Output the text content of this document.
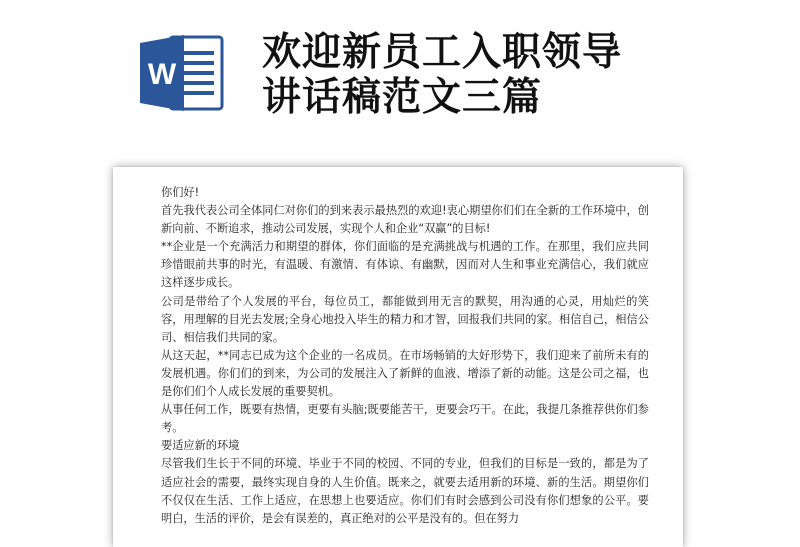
W 欢迎新员工入职领导
讲话稿范文三篇

你们好!

首先我代表公司全体同仁对你们的到来表示最热烈的欢迎!衷心期望你们们在全新的工作环境中，创新向前、不断追求，推动公司发展，实现个人和企业“双赢”的目标!

**企业是一个充满活力和期望的群体，你们面临的是充满挑战与机遇的工作。在那里，我们应共同珍惜眼前共事的时光，有温暖、有激情、有体谅、有幽默，因而对人生和事业充满信心，我们就应这样逐步成长。

公司是带给了个人发展的平台，每位员工，都能做到用无言的默契，用沟通的心灵，用灿烂的笑容，用理解的目光去发展;全身心地投入毕生的精力和才智，回报我们共同的家。相信自己，相信公司、相信我们共同的家。

从这天起，**同志已成为这个企业的一名成员。在市场畅销的大好形势下，我们迎来了前所未有的发展机遇。你们们的到来，为公司的发展注入了新鲜的血液、增添了新的动能。这是公司之福，也是你们们个人成长发展的重要契机。

从事任何工作，既要有热情，更要有头脑;既要能苦干，更要会巧干。在此，我提几条推荐供你们参考。

要适应新的环境

尽管我们生长于不同的环境、毕业于不同的校园、不同的专业，但我们的目标是一致的，都是为了适应社会的需要，最终实现自身的人生价值。既来之，就要去适用新的环境、新的生活。期望你们不仅仅在生活、工作上适应，在思想上也要适应。你们们有时会感到公司没有你们想象的公平。要明白，生活的评价，是会有误差的，真正绝对的公平是没有的。但在努力
